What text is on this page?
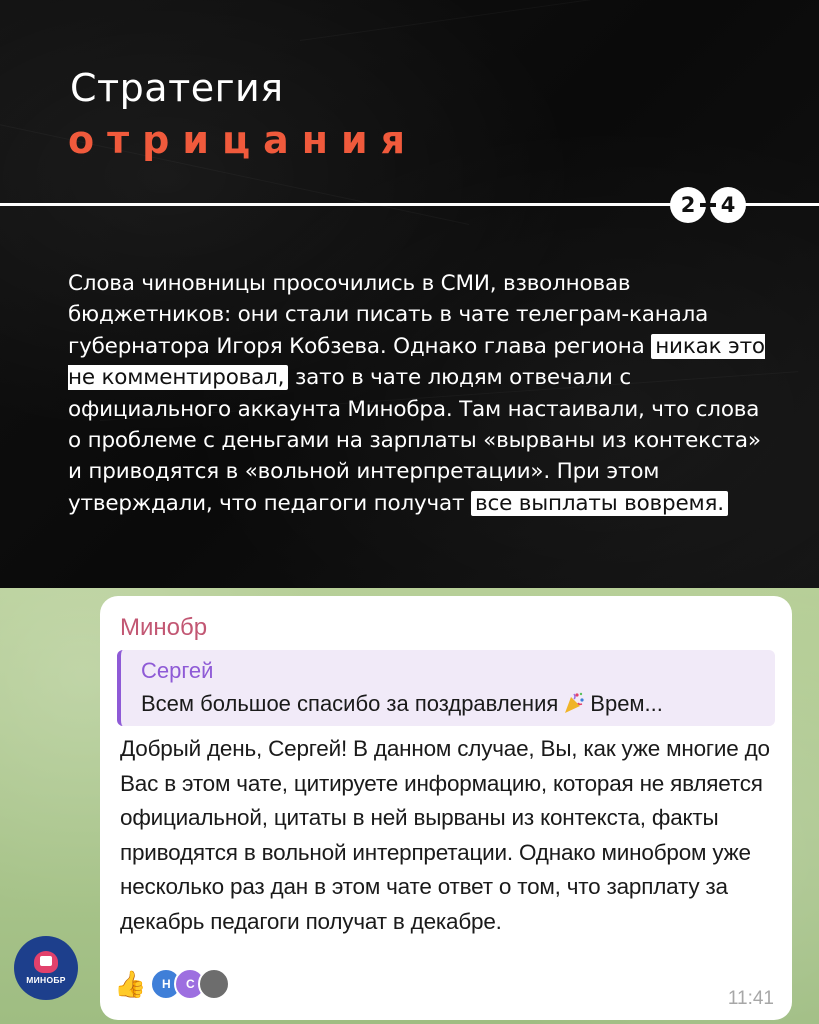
Стратегия
отрицания
2	4

Слова чиновницы просочились в СМИ, взволновав бюджетников: они стали писать в чате телеграм-канала губернатора Игоря Кобзева. Однако глава региона никак это не комментировал, зато в чате людям отвечали с официального аккаунта Минобра. Там настаивали, что слова о проблеме с деньгами на зарплаты «вырваны из контекста» и приводятся в «вольной интерпретации». При этом утверждали, что педагоги получат все выплаты вовремя.

МИНОБР
Минобр
Сергей
Всем большое спасибо за поздравления Врем...
Добрый день, Сергей! В данном случае, Вы, как уже многие до Вас в этом чате, цитируете информацию, которая не является официальной, цитаты в ней вырваны из контекста, факты приводятся в вольной интерпретации. Однако минобром уже несколько раз дан в этом чате ответ о том, что зарплату за декабрь педагоги получат в декабре.
👍	Н	С
11:41
